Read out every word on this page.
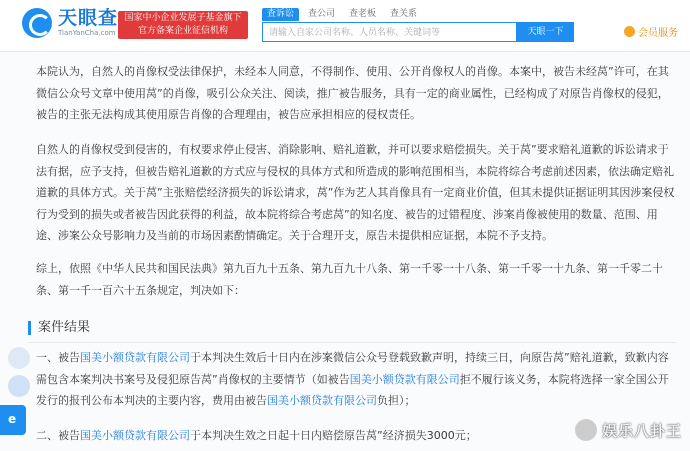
天眼查
TianYanCha.com
国家中小企业发展子基金旗下
官方备案企业征信机构
查诉讼	查公司	查老板	查关系
请输入自家公司名称、人员名称、关键词等	天眼一下	会员服务

本院认为，自然人的肖像权受法律保护，未经本人同意，不得制作、使用、公开肖像权人的肖像。本案中，被告未经莴”许可，在其微信公众号文章中使用莴”的肖像，吸引公众关注、阅读，推广被告服务，具有一定的商业属性，已经构成了对原告肖像权的侵犯，被告的主张无法构成其使用原告肖像的合理理由，被告应承担相应的侵权责任。

自然人的肖像权受到侵害的，有权要求停止侵害、消除影响、赔礼道歉，并可以要求赔偿损失。关于莴”要求赔礼道歉的诉讼请求于法有据，应予支持，但被告赔礼道歉的方式应与侵权的具体方式和所造成的影响范围相当，本院将综合考虑前述因素，依法确定赔礼道歉的具体方式。关于莴”主张赔偿经济损失的诉讼请求，莴”作为艺人其肖像具有一定商业价值，但其未提供证据证明其因涉案侵权行为受到的损失或者被告因此获得的利益，故本院将综合考虑莴”的知名度、被告的过错程度、涉案肖像被使用的数量、范围、用途、涉案公众号影响力及当前的市场因素酌情确定。关于合理开支，原告未提供相应证据，本院不予支持。

综上，依照《中华人民共和国民法典》第九百九十五条、第九百九十八条、第一千零一十八条、第一千零一十九条、第一千零二十条、第一千一百六十五条规定，判决如下：

案件结果

一、被告国美小额贷款有限公司于本判决生效后十日内在涉案微信公众号登载致歉声明，持续三日，向原告莴”赔礼道歉，致歉内容需包含本案判决书案号及侵犯原告莴”肖像权的主要情节（如被告国美小额贷款有限公司拒不履行该义务，本院将选择一家全国公开发行的报刊公布本判决的主要内容，费用由被告国美小额贷款有限公司负担）；

二、被告国美小额贷款有限公司于本判决生效之日起十日内赔偿原告莴”经济损失3000元；

e	娱乐八卦王
